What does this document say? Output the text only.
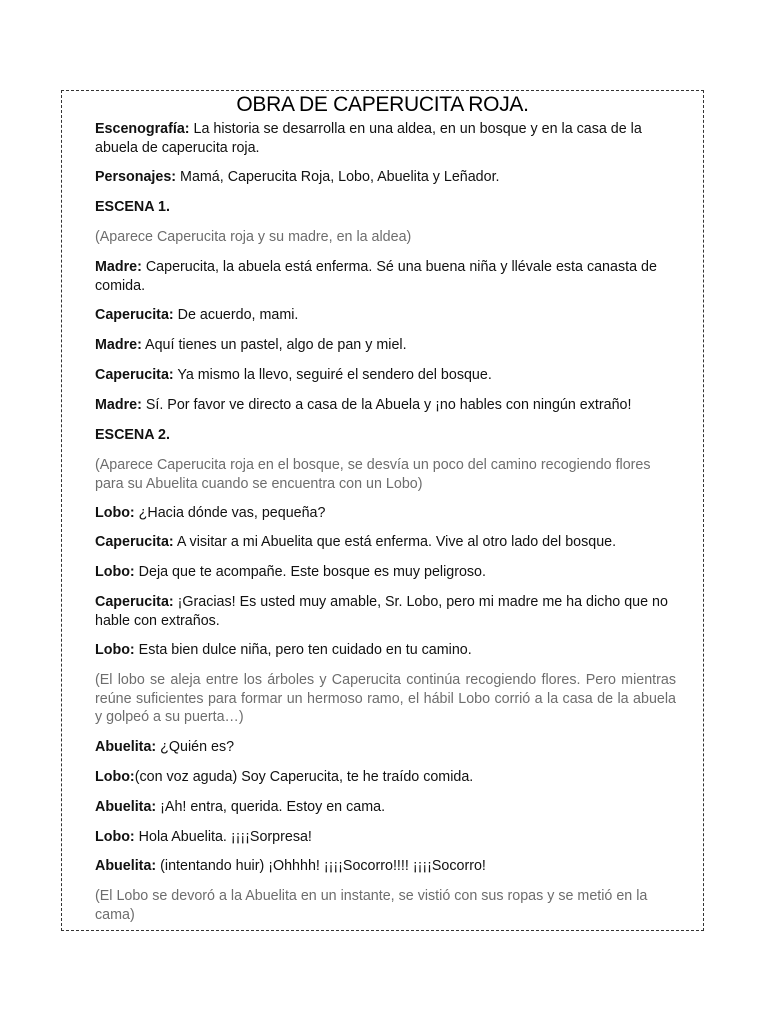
OBRA DE CAPERUCITA ROJA.

Escenografía: La historia se desarrolla en una aldea, en un bosque y en la casa de la abuela de caperucita roja.

Personajes: Mamá, Caperucita Roja, Lobo, Abuelita y Leñador.

ESCENA 1.

(Aparece Caperucita roja y su madre, en la aldea)

Madre: Caperucita, la abuela está enferma. Sé una buena niña y llévale esta canasta de comida.

Caperucita: De acuerdo, mami.

Madre: Aquí tienes un pastel, algo de pan y miel.

Caperucita: Ya mismo la llevo, seguiré el sendero del bosque.

Madre: Sí. Por favor ve directo a casa de la Abuela y ¡no hables con ningún extraño!

ESCENA 2.

(Aparece Caperucita roja en el bosque, se desvía un poco del camino recogiendo flores para su Abuelita cuando se encuentra con un Lobo)

Lobo: ¿Hacia dónde vas, pequeña?

Caperucita: A visitar a mi Abuelita que está enferma. Vive al otro lado del bosque.

Lobo: Deja que te acompañe. Este bosque es muy peligroso.

Caperucita: ¡Gracias! Es usted muy amable, Sr. Lobo, pero mi madre me ha dicho que no hable con extraños.

Lobo: Esta bien dulce niña, pero ten cuidado en tu camino.

(El lobo se aleja entre los árboles y Caperucita continúa recogiendo flores. Pero mientras reúne suficientes para formar un hermoso ramo, el hábil Lobo corrió a la casa de la abuela y golpeó a su puerta…)

Abuelita: ¿Quién es?

Lobo:(con voz aguda) Soy Caperucita, te he traído comida.

Abuelita: ¡Ah! entra, querida. Estoy en cama.

Lobo: Hola Abuelita. ¡¡¡¡Sorpresa!

Abuelita: (intentando huir) ¡Ohhhh! ¡¡¡¡Socorro!!!! ¡¡¡¡Socorro!

(El Lobo se devoró a la Abuelita en un instante, se vistió con sus ropas y se metió en la cama)
